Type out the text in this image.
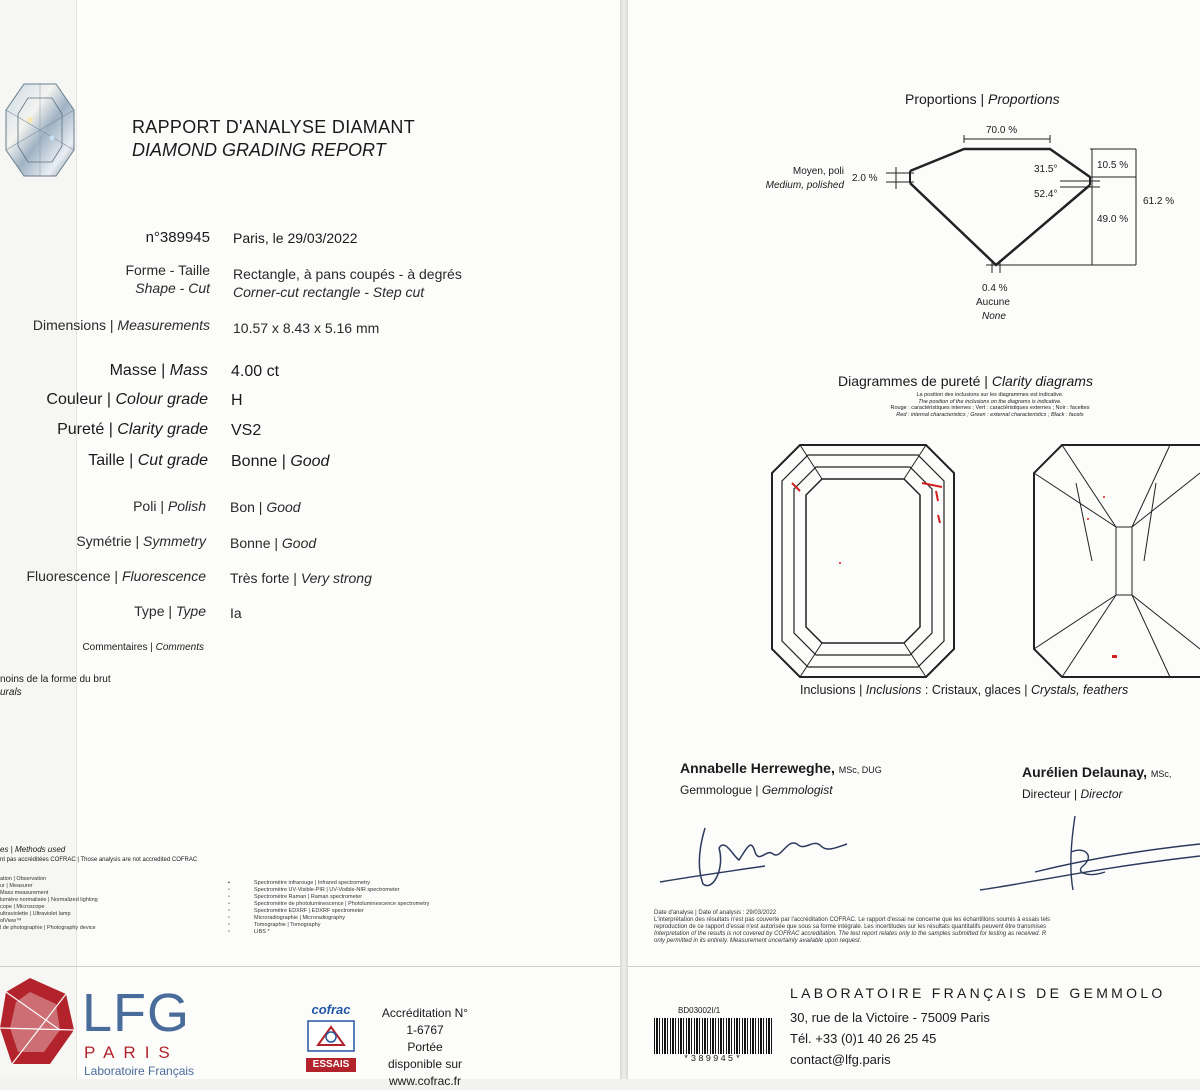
RAPPORT D'ANALYSE DIAMANT
DIAMOND GRADING REPORT
n°389945 Paris, le 29/03/2022
Forme - Taille
Shape - Cut
Rectangle, à pans coupés - à degrés
Corner-cut rectangle - Step cut
Dimensions | Measurements 10.57 x 8.43 x 5.16 mm
Masse | Mass 4.00 ct
Couleur | Colour grade H
Pureté | Clarity grade VS2
Taille | Cut grade Bonne | Good
Poli | Polish Bon | Good
Symétrie | Symmetry Bonne | Good
Fluorescence | Fluorescence Très forte | Very strong
Type | Type Ia
Commentaires | Comments
noins de la forme du brut
urals
es | Methods used
nt pas accréditées COFRAC | Those analysis are not accredited COFRAC
ation | Observation
ur | Measurer
Mass measurement
lumière normalisée | Normalized lighting
cope | Microscope
ultraviolette | Ultraviolet lamp
olView™
l de photographie | Photography device
▪
▫
▫
▫
▫
▫
▫
▫
Spectromètre infrarouge | Infrared spectrometry
Spectromètre UV-Visible-PIR | UV-Visible-NIR spectrometer
Spectromètre Raman | Raman spectrometer
Spectromètre de photoluminescence | Photoluminescence spectrometry
Spectromètre EDXRF | EDXRF spectrometer
Microradiographie | Microradiography
Tomographie | Tomography
LIBS *
LFG
PARIS
Laboratoire Français
cofrac
ESSAIS
Accréditation N°
1-6767
Portée
disponible sur
www.cofrac.fr
Proportions | Proportions
70.0 %
Moyen, poli
Medium, polished
2.0 %
31.5°
52.4°
10.5 %
49.0 %
61.2 %
0.4 %
Aucune
None
Diagrammes de pureté | Clarity diagrams
La position des inclusions sur les diagrammes est indicative.
The position of the inclusions on the diagrams is indicative.
Rouge : caractéristiques internes ; Vert : caractéristiques externes ; Noir : facettes
Red : internal characteristics ; Green : external characteristics ; Black : facets
Inclusions | Inclusions : Cristaux, glaces | Crystals, feathers
Annabelle Herreweghe, MSc, DUG
Gemmologue | Gemmologist
Aurélien Delaunay, MSc,
Directeur | Director
Date d'analyse | Date of analysis : 29/03/2022
L'interprétation des résultats n'est pas couverte par l'accréditation COFRAC. Le rapport d'essai ne concerne que les échantillons soumis à essais tels
reproduction de ce rapport d'essai n'est autorisée que sous sa forme intégrale. Les incertitudes sur les résultats quantitatifs peuvent être transmises
Interpretation of the results is not covered by COFRAC accreditation. The test report relates only to the samples submitted for testing as received. R
only permitted in its entirety. Measurement uncertainty available upon request.
BD03002I/1
*389945*
LABORATOIRE FRANÇAIS DE GEMMOLO
30, rue de la Victoire - 75009 Paris
Tél. +33 (0)1 40 26 25 45
contact@lfg.paris
